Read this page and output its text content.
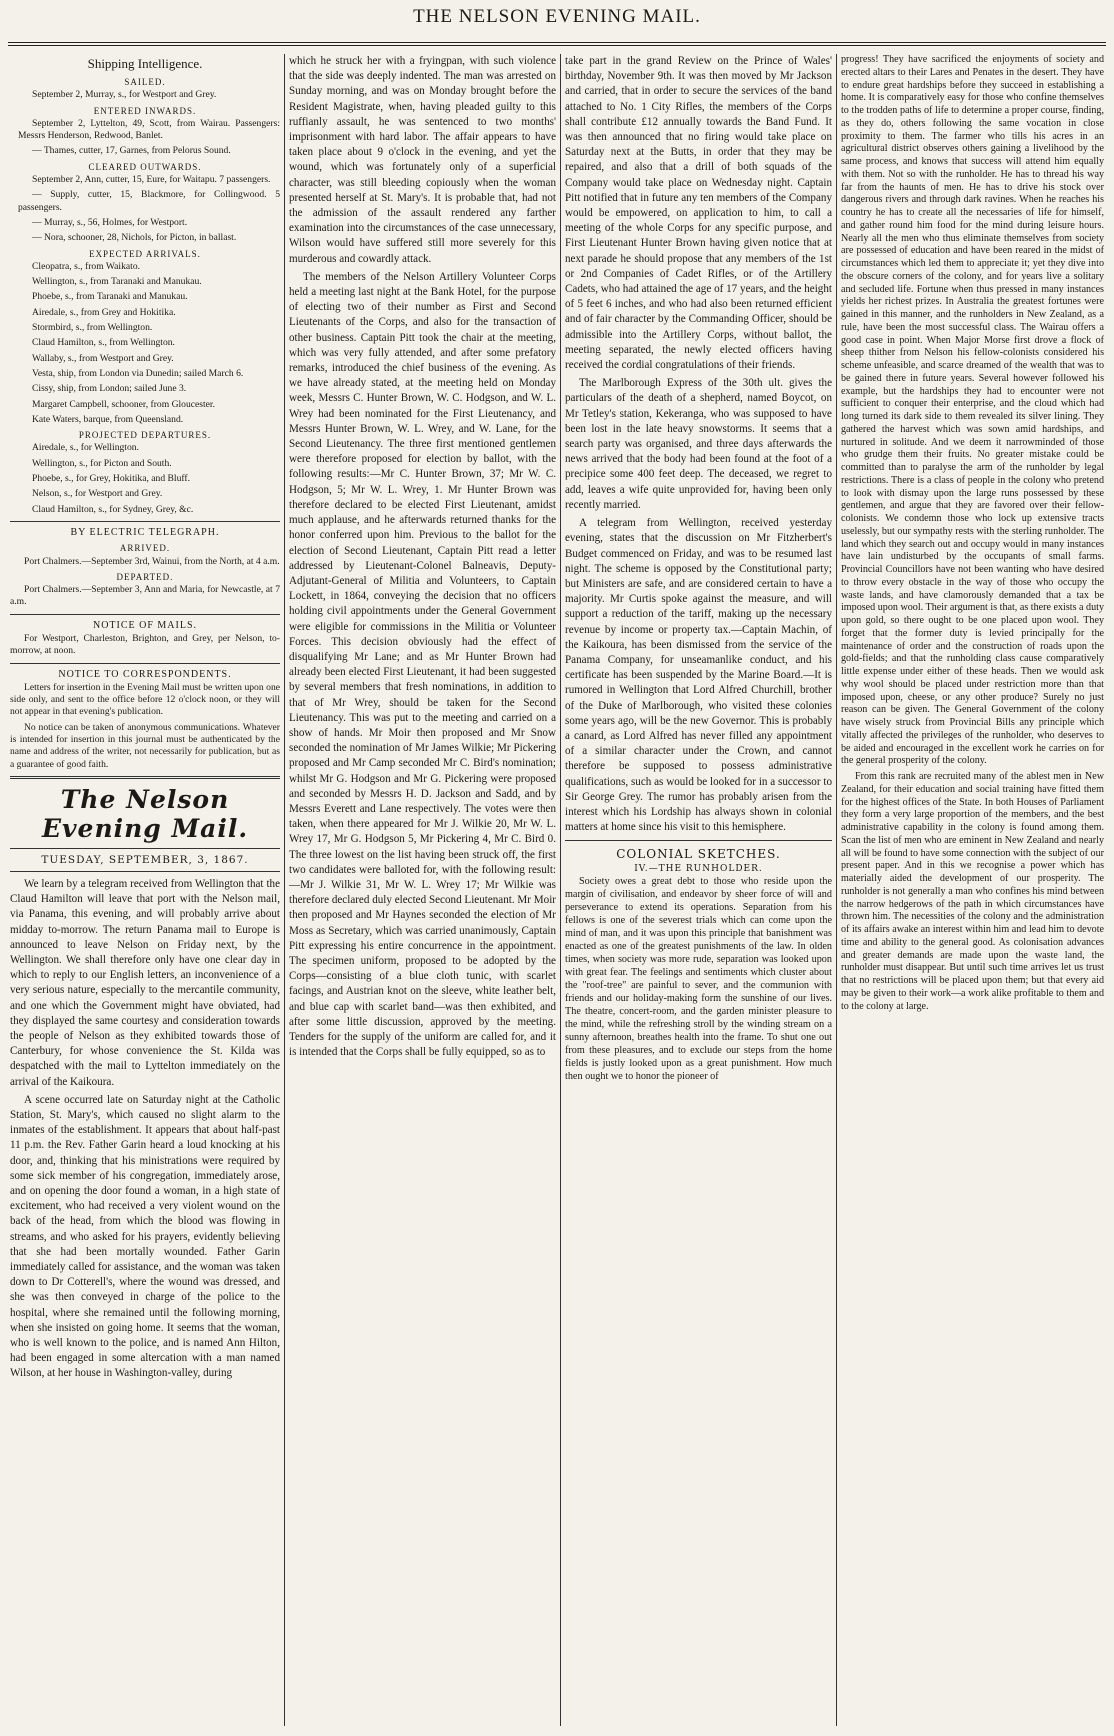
THE NELSON EVENING MAIL.
Shipping Intelligence.
SAILED.

September 2, Murray, s., for Westport and Grey.

ENTERED INWARDS.

September 2, Lyttelton, 49, Scott, from Wairau. Passengers: Messrs Henderson, Redwood, Banlet.

— Thames, cutter, 17, Garnes, from Pelorus Sound.

CLEARED OUTWARDS.

September 2, Ann, cutter, 15, Eure, for Waitapu. 7 passengers.

— Supply, cutter, 15, Blackmore, for Collingwood. 5 passengers.

— Murray, s., 56, Holmes, for Westport.

— Nora, schooner, 28, Nichols, for Picton, in ballast.

EXPECTED ARRIVALS.

Cleopatra, s., from Waikato.

Wellington, s., from Taranaki and Manukau.

Phoebe, s., from Taranaki and Manukau.

Airedale, s., from Grey and Hokitika.

Stormbird, s., from Wellington.

Claud Hamilton, s., from Wellington.

Wallaby, s., from Westport and Grey.

Vesta, ship, from London via Dunedin; sailed March 6.

Cissy, ship, from London; sailed June 3.

Margaret Campbell, schooner, from Gloucester.

Kate Waters, barque, from Queensland.

PROJECTED DEPARTURES.

Airedale, s., for Wellington.

Wellington, s., for Picton and South.

Phoebe, s., for Grey, Hokitika, and Bluff.

Nelson, s., for Westport and Grey.

Claud Hamilton, s., for Sydney, Grey, &c.

BY ELECTRIC TELEGRAPH.
ARRIVED.

Port Chalmers.—September 3rd, Wainui, from the North, at 4 a.m.

DEPARTED.

Port Chalmers.—September 3, Ann and Maria, for Newcastle, at 7 a.m.

NOTICE OF MAILS.

For Westport, Charleston, Brighton, and Grey, per Nelson, to-morrow, at noon.

NOTICE TO CORRESPONDENTS.

Letters for insertion in the Evening Mail must be written upon one side only, and sent to the office before 12 o'clock noon, or they will not appear in that evening's publication.

No notice can be taken of anonymous communications. Whatever is intended for insertion in this journal must be authenticated by the name and address of the writer, not necessarily for publication, but as a guarantee of good faith.

The Nelson Evening Mail.
TUESDAY, SEPTEMBER, 3, 1867.

We learn by a telegram received from Wellington that the Claud Hamilton will leave that port with the Nelson mail, via Panama, this evening, and will probably arrive about midday to-morrow. The return Panama mail to Europe is announced to leave Nelson on Friday next, by the Wellington. We shall therefore only have one clear day in which to reply to our English letters, an inconvenience of a very serious nature, especially to the mercantile community, and one which the Government might have obviated, had they displayed the same courtesy and consideration towards the people of Nelson as they exhibited towards those of Canterbury, for whose convenience the St. Kilda was despatched with the mail to Lyttelton immediately on the arrival of the Kaikoura.

A scene occurred late on Saturday night at the Catholic Station, St. Mary's, which caused no slight alarm to the inmates of the establishment. It appears that about half-past 11 p.m. the Rev. Father Garin heard a loud knocking at his door, and, thinking that his ministrations were required by some sick member of his congregation, immediately arose, and on opening the door found a woman, in a high state of excitement, who had received a very violent wound on the back of the head, from which the blood was flowing in streams, and who asked for his prayers, evidently believing that she had been mortally wounded. Father Garin immediately called for assistance, and the woman was taken down to Dr Cotterell's, where the wound was dressed, and she was then conveyed in charge of the police to the hospital, where she remained until the following morning, when she insisted on going home. It seems that the woman, who is well known to the police, and is named Ann Hilton, had been engaged in some altercation with a man named Wilson, at her house in Washington-valley, during

which he struck her with a fryingpan, with such violence that the side was deeply indented. The man was arrested on Sunday morning, and was on Monday brought before the Resident Magistrate, when, having pleaded guilty to this ruffianly assault, he was sentenced to two months' imprisonment with hard labor. The affair appears to have taken place about 9 o'clock in the evening, and yet the wound, which was fortunately only of a superficial character, was still bleeding copiously when the woman presented herself at St. Mary's. It is probable that, had not the admission of the assault rendered any farther examination into the circumstances of the case unnecessary, Wilson would have suffered still more severely for this murderous and cowardly attack.

The members of the Nelson Artillery Volunteer Corps held a meeting last night at the Bank Hotel, for the purpose of electing two of their number as First and Second Lieutenants of the Corps, and also for the transaction of other business. Captain Pitt took the chair at the meeting, which was very fully attended, and after some prefatory remarks, introduced the chief business of the evening. As we have already stated, at the meeting held on Monday week, Messrs C. Hunter Brown, W. C. Hodgson, and W. L. Wrey had been nominated for the First Lieutenancy, and Messrs Hunter Brown, W. L. Wrey, and W. Lane, for the Second Lieutenancy. The three first mentioned gentlemen were therefore proposed for election by ballot, with the following results:—Mr C. Hunter Brown, 37; Mr W. C. Hodgson, 5; Mr W. L. Wrey, 1. Mr Hunter Brown was therefore declared to be elected First Lieutenant, amidst much applause, and he afterwards returned thanks for the honor conferred upon him. Previous to the ballot for the election of Second Lieutenant, Captain Pitt read a letter addressed by Lieutenant-Colonel Balneavis, Deputy-Adjutant-General of Militia and Volunteers, to Captain Lockett, in 1864, conveying the decision that no officers holding civil appointments under the General Government were eligible for commissions in the Militia or Volunteer Forces. This decision obviously had the effect of disqualifying Mr Lane; and as Mr Hunter Brown had already been elected First Lieutenant, it had been suggested by several members that fresh nominations, in addition to that of Mr Wrey, should be taken for the Second Lieutenancy. This was put to the meeting and carried on a show of hands. Mr Moir then proposed and Mr Snow seconded the nomination of Mr James Wilkie; Mr Pickering proposed and Mr Camp seconded Mr C. Bird's nomination; whilst Mr G. Hodgson and Mr G. Pickering were proposed and seconded by Messrs H. D. Jackson and Sadd, and by Messrs Everett and Lane respectively. The votes were then taken, when there appeared for Mr J. Wilkie 20, Mr W. L. Wrey 17, Mr G. Hodgson 5, Mr Pickering 4, Mr C. Bird 0. The three lowest on the list having been struck off, the first two candidates were balloted for, with the following result:—Mr J. Wilkie 31, Mr W. L. Wrey 17; Mr Wilkie was therefore declared duly elected Second Lieutenant. Mr Moir then proposed and Mr Haynes seconded the election of Mr Moss as Secretary, which was carried unanimously, Captain Pitt expressing his entire concurrence in the appointment. The specimen uniform, proposed to be adopted by the Corps—consisting of a blue cloth tunic, with scarlet facings, and Austrian knot on the sleeve, white leather belt, and blue cap with scarlet band—was then exhibited, and after some little discussion, approved by the meeting. Tenders for the supply of the uniform are called for, and it is intended that the Corps shall be fully equipped, so as to

take part in the grand Review on the Prince of Wales' birthday, November 9th. It was then moved by Mr Jackson and carried, that in order to secure the services of the band attached to No. 1 City Rifles, the members of the Corps shall contribute £12 annually towards the Band Fund. It was then announced that no firing would take place on Saturday next at the Butts, in order that they may be repaired, and also that a drill of both squads of the Company would take place on Wednesday night. Captain Pitt notified that in future any ten members of the Company would be empowered, on application to him, to call a meeting of the whole Corps for any specific purpose, and First Lieutenant Hunter Brown having given notice that at next parade he should propose that any members of the 1st or 2nd Companies of Cadet Rifles, or of the Artillery Cadets, who had attained the age of 17 years, and the height of 5 feet 6 inches, and who had also been returned efficient and of fair character by the Commanding Officer, should be admissible into the Artillery Corps, without ballot, the meeting separated, the newly elected officers having received the cordial congratulations of their friends.

The Marlborough Express of the 30th ult. gives the particulars of the death of a shepherd, named Boycot, on Mr Tetley's station, Kekeranga, who was supposed to have been lost in the late heavy snowstorms. It seems that a search party was organised, and three days afterwards the news arrived that the body had been found at the foot of a precipice some 400 feet deep. The deceased, we regret to add, leaves a wife quite unprovided for, having been only recently married.

A telegram from Wellington, received yesterday evening, states that the discussion on Mr Fitzherbert's Budget commenced on Friday, and was to be resumed last night. The scheme is opposed by the Constitutional party; but Ministers are safe, and are considered certain to have a majority. Mr Curtis spoke against the measure, and will support a reduction of the tariff, making up the necessary revenue by income or property tax.—Captain Machin, of the Kaikoura, has been dismissed from the service of the Panama Company, for unseamanlike conduct, and his certificate has been suspended by the Marine Board.—It is rumored in Wellington that Lord Alfred Churchill, brother of the Duke of Marlborough, who visited these colonies some years ago, will be the new Governor. This is probably a canard, as Lord Alfred has never filled any appointment of a similar character under the Crown, and cannot therefore be supposed to possess administrative qualifications, such as would be looked for in a successor to Sir George Grey. The rumor has probably arisen from the interest which his Lordship has always shown in colonial matters at home since his visit to this hemisphere.

COLONIAL SKETCHES.
IV.—THE RUNHOLDER.

Society owes a great debt to those who reside upon the margin of civilisation, and endeavor by sheer force of will and perseverance to extend its operations. Separation from his fellows is one of the severest trials which can come upon the mind of man, and it was upon this principle that banishment was enacted as one of the greatest punishments of the law. In olden times, when society was more rude, separation was looked upon with great fear. The feelings and sentiments which cluster about the "roof-tree" are painful to sever, and the communion with friends and our holiday-making form the sunshine of our lives. The theatre, concert-room, and the garden minister pleasure to the mind, while the refreshing stroll by the winding stream on a sunny afternoon, breathes health into the frame. To shut one out from these pleasures, and to exclude our steps from the home fields is justly looked upon as a great punishment. How much then ought we to honor the pioneer of

progress! They have sacrificed the enjoyments of society and erected altars to their Lares and Penates in the desert. They have to endure great hardships before they succeed in establishing a home. It is comparatively easy for those who confine themselves to the trodden paths of life to determine a proper course, finding, as they do, others following the same vocation in close proximity to them. The farmer who tills his acres in an agricultural district observes others gaining a livelihood by the same process, and knows that success will attend him equally with them. Not so with the runholder. He has to thread his way far from the haunts of men. He has to drive his stock over dangerous rivers and through dark ravines. When he reaches his country he has to create all the necessaries of life for himself, and gather round him food for the mind during leisure hours. Nearly all the men who thus eliminate themselves from society are possessed of education and have been reared in the midst of circumstances which led them to appreciate it; yet they dive into the obscure corners of the colony, and for years live a solitary and secluded life. Fortune when thus pressed in many instances yields her richest prizes. In Australia the greatest fortunes were gained in this manner, and the runholders in New Zealand, as a rule, have been the most successful class. The Wairau offers a good case in point. When Major Morse first drove a flock of sheep thither from Nelson his fellow-colonists considered his scheme unfeasible, and scarce dreamed of the wealth that was to be gained there in future years. Several however followed his example, but the hardships they had to encounter were not sufficient to conquer their enterprise, and the cloud which had long turned its dark side to them revealed its silver lining. They gathered the harvest which was sown amid hardships, and nurtured in solitude. And we deem it narrowminded of those who grudge them their fruits. No greater mistake could be committed than to paralyse the arm of the runholder by legal restrictions. There is a class of people in the colony who pretend to look with dismay upon the large runs possessed by these gentlemen, and argue that they are favored over their fellow-colonists. We condemn those who lock up extensive tracts uselessly, but our sympathy rests with the sterling runholder. The land which they search out and occupy would in many instances have lain undisturbed by the occupants of small farms. Provincial Councillors have not been wanting who have desired to throw every obstacle in the way of those who occupy the waste lands, and have clamorously demanded that a tax be imposed upon wool. Their argument is that, as there exists a duty upon gold, so there ought to be one placed upon wool. They forget that the former duty is levied principally for the maintenance of order and the construction of roads upon the gold-fields; and that the runholding class cause comparatively little expense under either of these heads. Then we would ask why wool should be placed under restriction more than that imposed upon, cheese, or any other produce? Surely no just reason can be given. The General Government of the colony have wisely struck from Provincial Bills any principle which vitally affected the privileges of the runholder, who deserves to be aided and encouraged in the excellent work he carries on for the general prosperity of the colony.

From this rank are recruited many of the ablest men in New Zealand, for their education and social training have fitted them for the highest offices of the State. In both Houses of Parliament they form a very large proportion of the members, and the best administrative capability in the colony is found among them. Scan the list of men who are eminent in New Zealand and nearly all will be found to have some connection with the subject of our present paper. And in this we recognise a power which has materially aided the development of our prosperity. The runholder is not generally a man who confines his mind between the narrow hedgerows of the path in which circumstances have thrown him. The necessities of the colony and the administration of its affairs awake an interest within him and lead him to devote time and ability to the general good. As colonisation advances and greater demands are made upon the waste land, the runholder must disappear. But until such time arrives let us trust that no restrictions will be placed upon them; but that every aid may be given to their work—a work alike profitable to them and to the colony at large.
